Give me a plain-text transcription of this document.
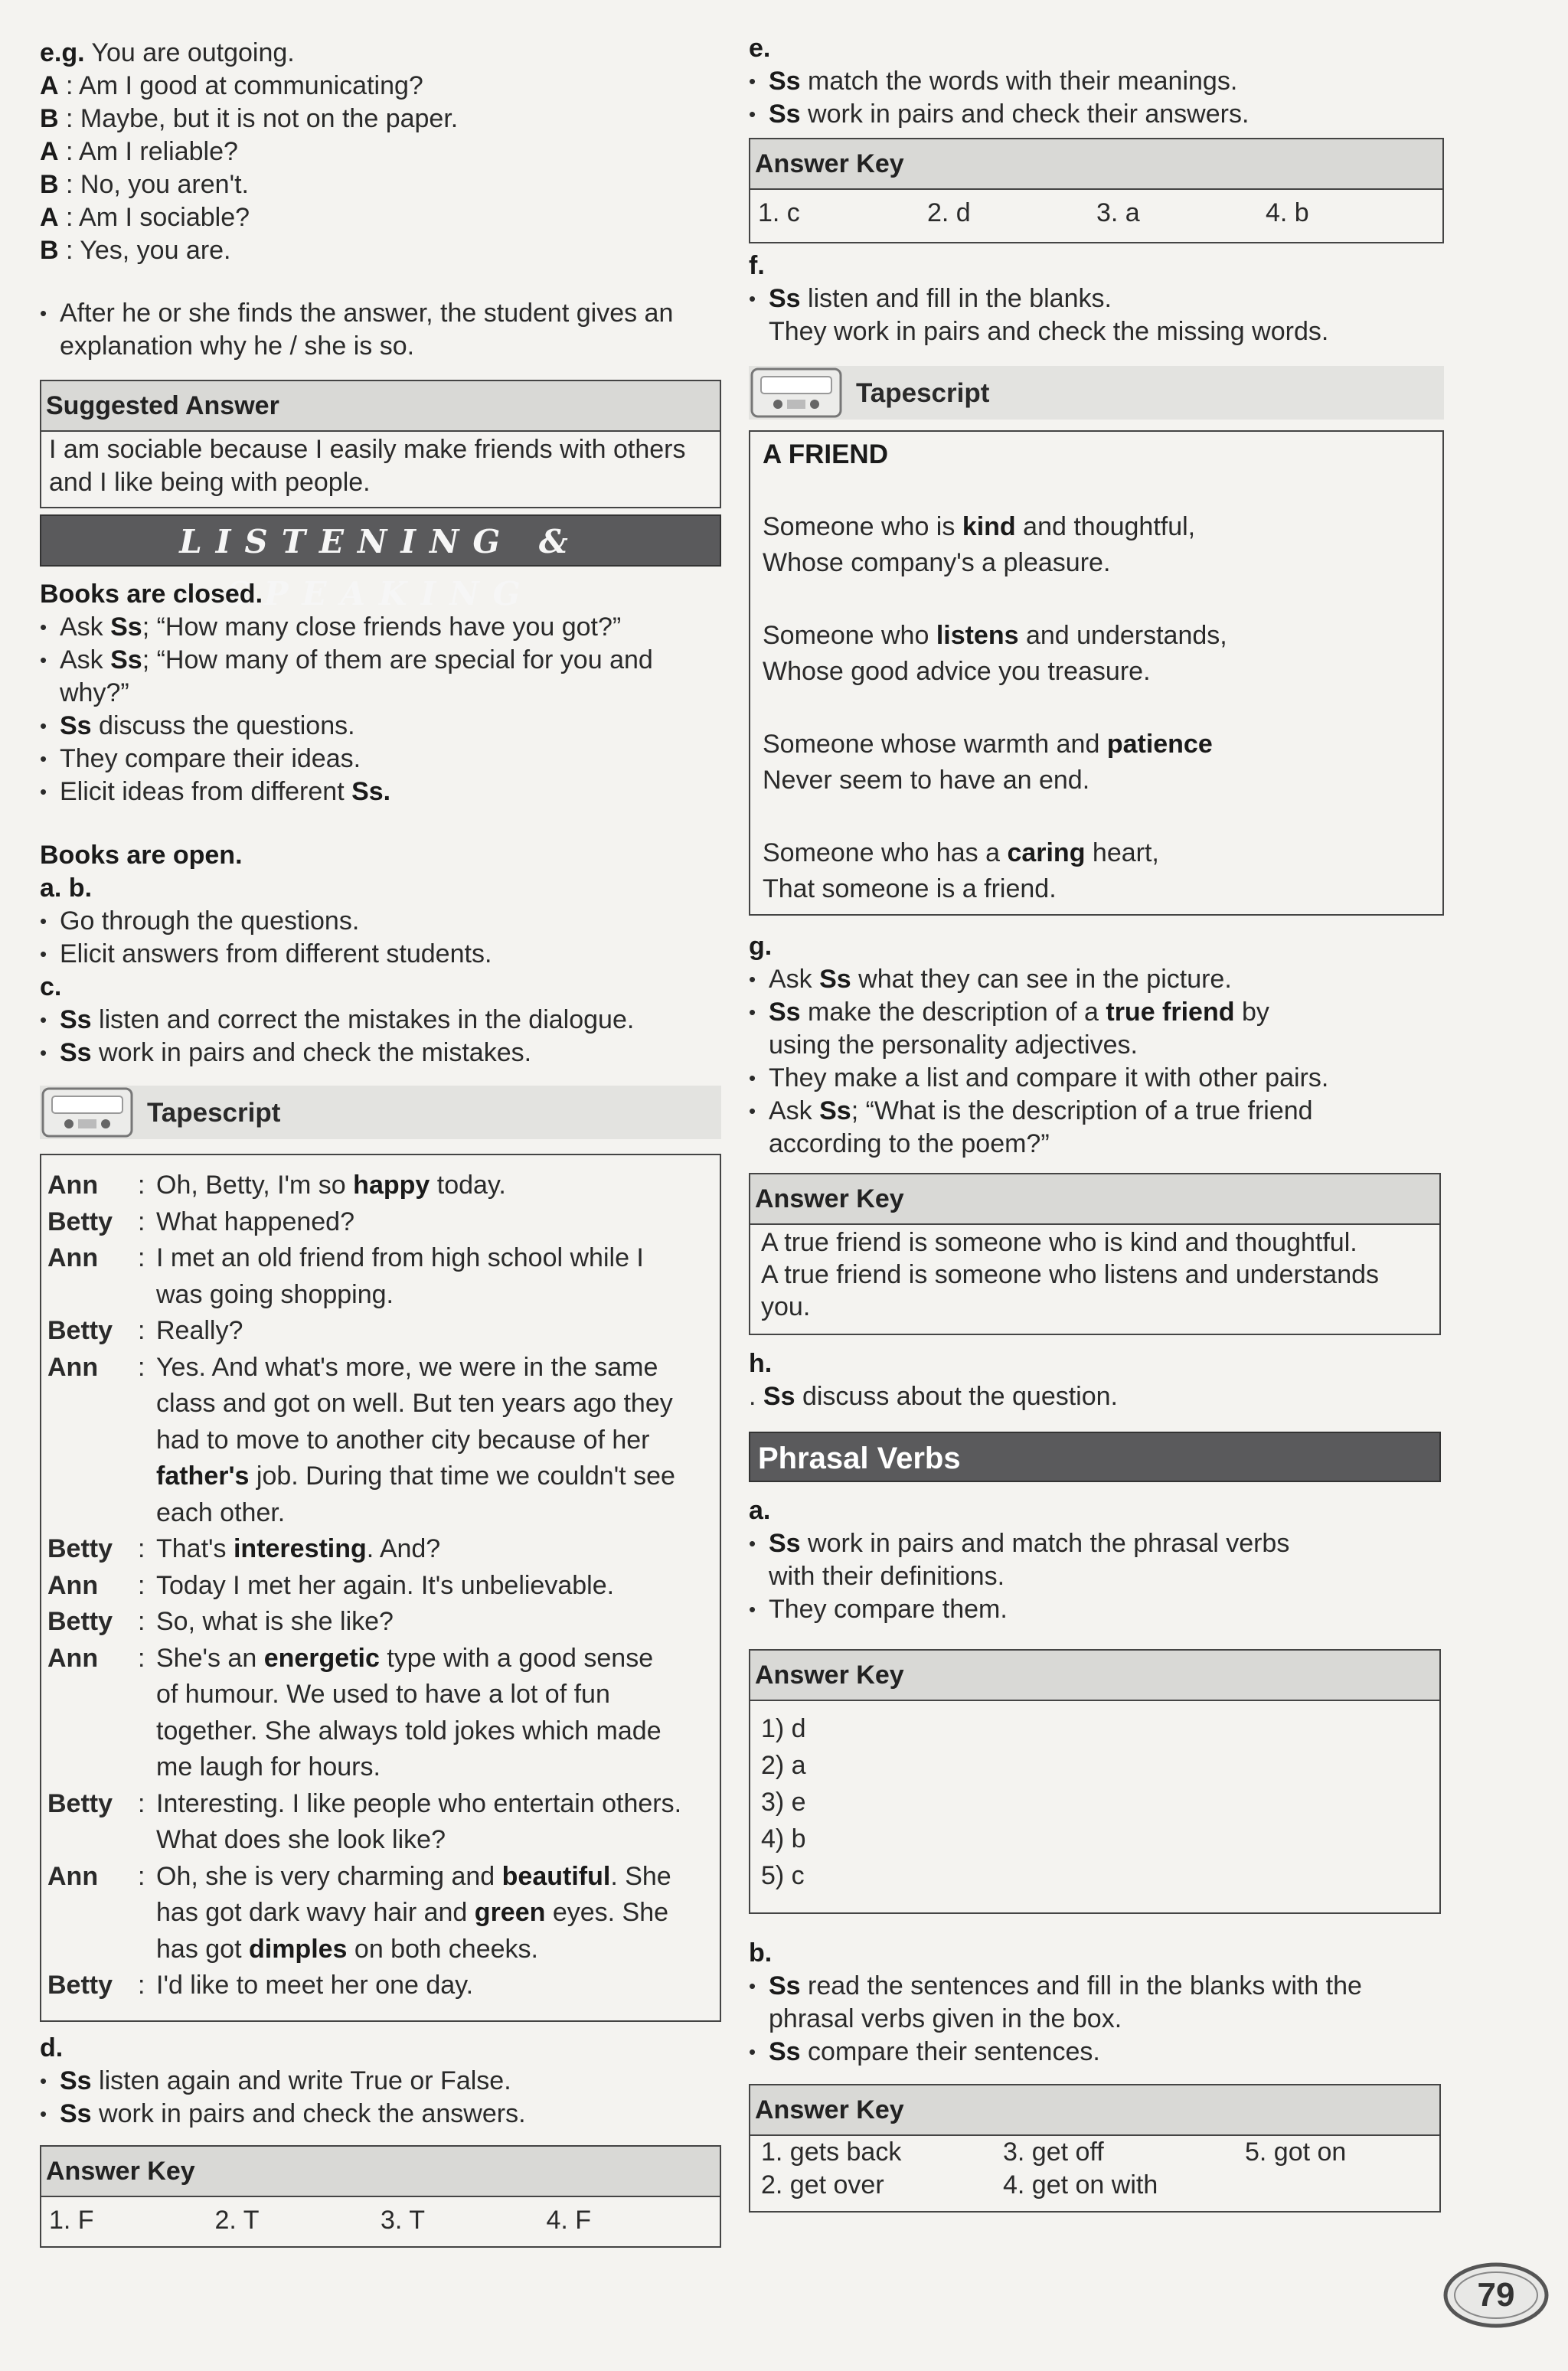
e.g. You are outgoing.

A : Am I good at communicating?

B : Maybe, but it is not on the paper.

A : Am I reliable?

B : No, you aren't.

A : Am I sociable?

B : Yes, you are.

• After he or she finds the answer, the student gives an
explanation why he / she is so.
Suggested Answer

I am sociable because I easily make friends with others

and I like being with people.

LISTENING & SPEAKING

Books are closed.

• Ask Ss; “How many close friends have you got?”
• Ask Ss; “How many of them are special for you and
why?”
• Ss discuss the questions.
• They compare their ideas.
• Elicit ideas from different Ss.

Books are open.

a. b.

• Go through the questions.
• Elicit answers from different students.

c.

• Ss listen and correct the mistakes in the dialogue.
• Ss work in pairs and check the mistakes.
Tapescript
Ann	: Oh, Betty, I'm so happy today.
Betty : What happened?
Ann	: I met an old friend from high school while I
was going shopping.
Betty : Really?
Ann	: Yes. And what's more, we were in the same
class and got on well. But ten years ago they
had to move to another city because of her
father's job. During that time we couldn't see
each other.
Betty : That's interesting. And?
Ann	: Today I met her again. It's unbelievable.
Betty : So, what is she like?
Ann	: She's an energetic type with a good sense
of humour. We used to have a lot of fun
together. She always told jokes which made
me laugh for hours.
Betty : Interesting. I like people who entertain others.
What does she look like?
Ann	: Oh, she is very charming and beautiful. She
has got dark wavy hair and green eyes. She
has got dimples on both cheeks.
Betty : I'd like to meet her one day.

d.

• Ss listen again and write True or False.
• Ss work in pairs and check the answers.
Answer Key
1. F	2. T	3. T	4. F

e.

• Ss match the words with their meanings.
• Ss work in pairs and check their answers.
Answer Key
1. c	2. d	3. a	4. b

f.

• Ss listen and fill in the blanks.
They work in pairs and check the missing words.
Tapescript

A FRIEND

Someone who is kind and thoughtful,

Whose company's a pleasure.

Someone who listens and understands,

Whose good advice you treasure.

Someone whose warmth and patience

Never seem to have an end.

Someone who has a caring heart,

That someone is a friend.

g.

• Ask Ss what they can see in the picture.
• Ss make the description of a true friend by
using the personality adjectives.
• They make a list and compare it with other pairs.
• Ask Ss; “What is the description of a true friend
according to the poem?”
Answer Key

A true friend is someone who is kind and thoughtful.

A true friend is someone who listens and understands

you.

h.

. Ss discuss about the question.

Phrasal Verbs

a.

• Ss work in pairs and match the phrasal verbs
with their definitions.
• They compare them.
Answer Key

1) d

2) a

3) e

4) b

5) c

b.

• Ss read the sentences and fill in the blanks with the
phrasal verbs given in the box.
• Ss compare their sentences.
Answer Key
1. gets back	3. get off	5. got on
2. get over	4. get on with
79
